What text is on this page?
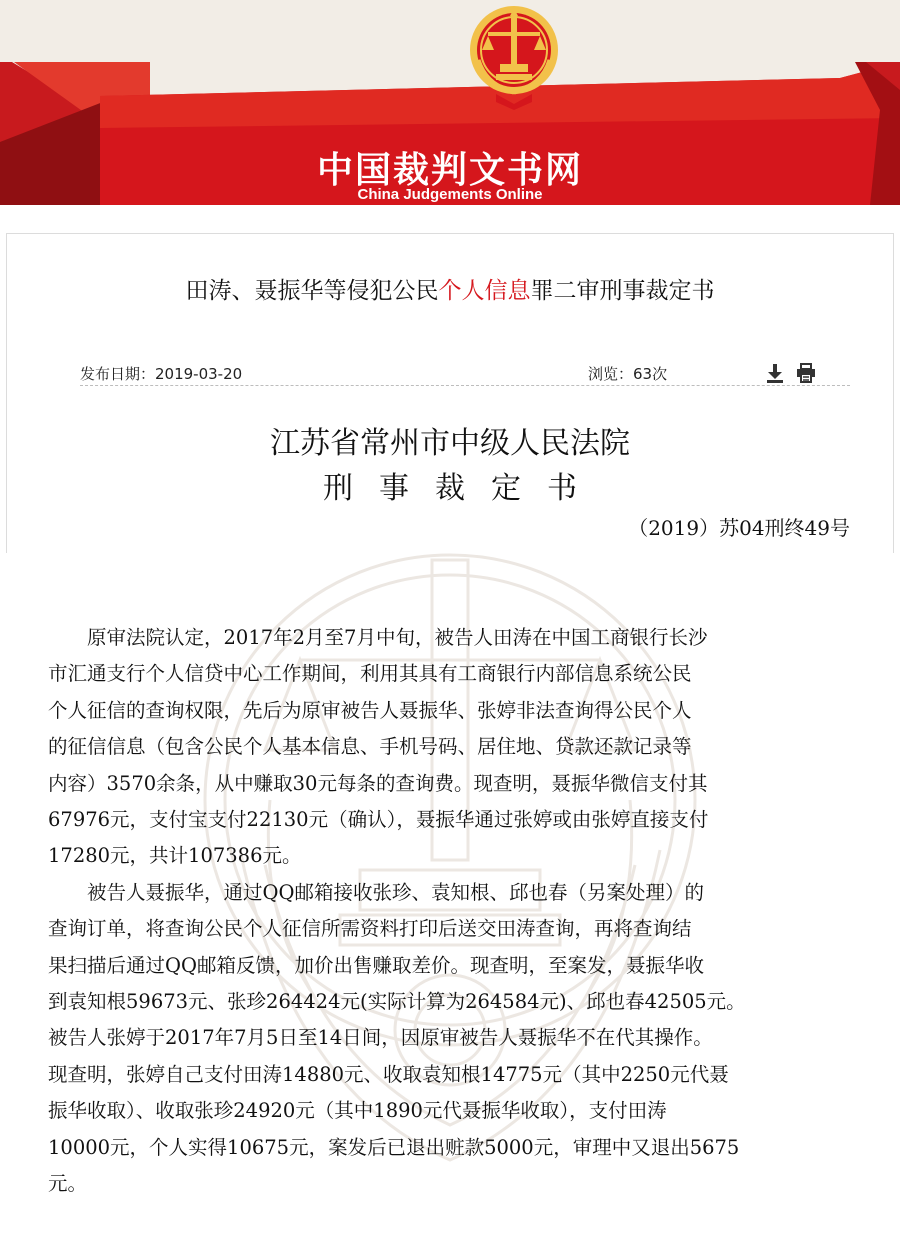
中国裁判文书网
China Judgements Online
田涛、聂振华等侵犯公民个人信息罪二审刑事裁定书
发布日期：2019-03-20	浏览：63次
江苏省常州市中级人民法院
刑事裁定书
（2019）苏04刑终49号
原审法院认定，2017年2月至7月中旬，被告人田涛在中国工商银行长沙
市汇通支行个人信贷中心工作期间，利用其具有工商银行内部信息系统公民
个人征信的查询权限，先后为原审被告人聂振华、张婷非法查询得公民个人
的征信信息（包含公民个人基本信息、手机号码、居住地、贷款还款记录等
内容）3570余条，从中赚取30元每条的查询费。现查明，聂振华微信支付其
67976元，支付宝支付22130元（确认），聂振华通过张婷或由张婷直接支付
17280元，共计107386元。
被告人聂振华，通过QQ邮箱接收张珍、袁知根、邱也春（另案处理）的
查询订单，将查询公民个人征信所需资料打印后送交田涛查询，再将查询结
果扫描后通过QQ邮箱反馈，加价出售赚取差价。现查明，至案发，聂振华收
到袁知根59673元、张珍264424元(实际计算为264584元)、邱也春42505元。
被告人张婷于2017年7月5日至14日间，因原审被告人聂振华不在代其操作。
现查明，张婷自己支付田涛14880元、收取袁知根14775元（其中2250元代聂
振华收取）、收取张珍24920元（其中1890元代聂振华收取），支付田涛
10000元，个人实得10675元，案发后已退出赃款5000元，审理中又退出5675
元。
